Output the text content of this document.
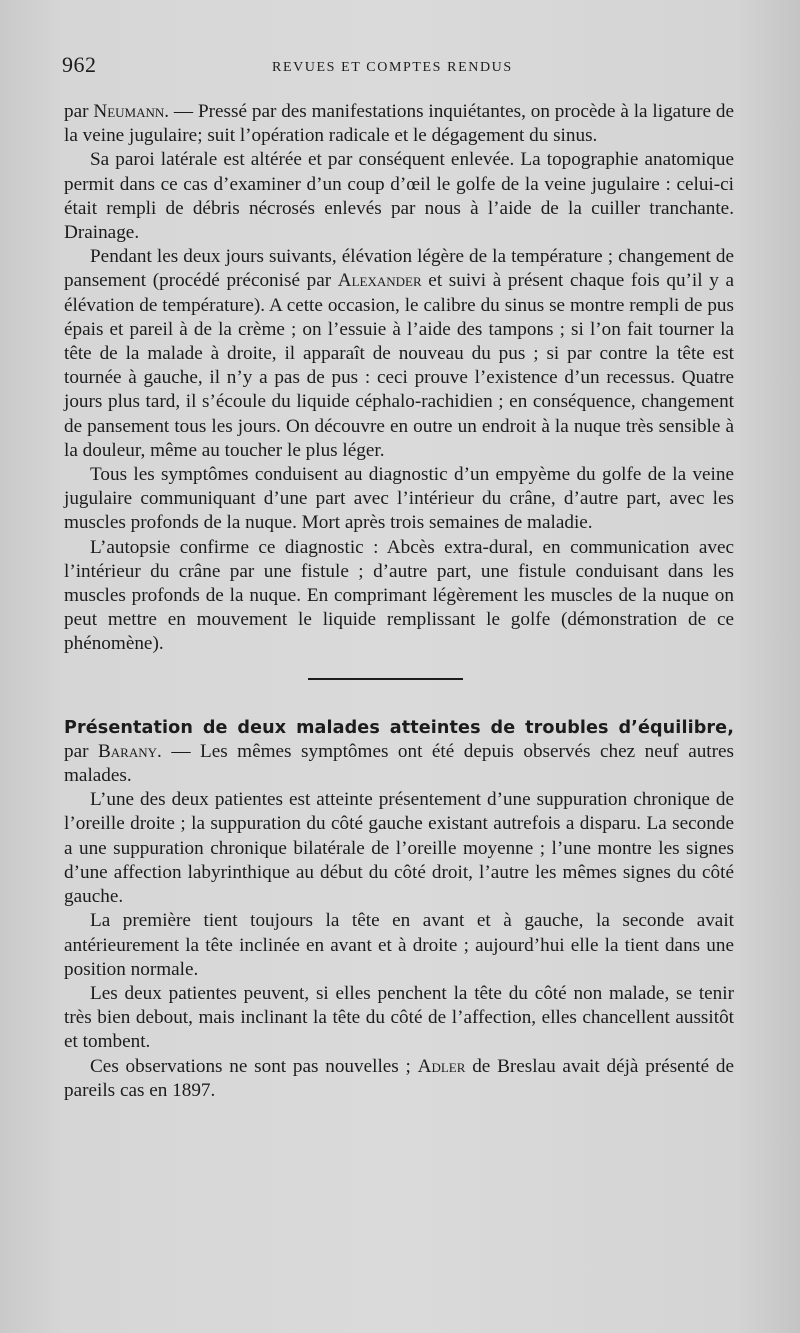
962	REVUES ET COMPTES RENDUS

par Neumann. — Pressé par des manifestations inquiétantes, on procède à la ligature de la veine jugulaire; suit l’opération radicale et le dégagement du sinus.

Sa paroi latérale est altérée et par conséquent enlevée. La topographie anatomique permit dans ce cas d’examiner d’un coup d’œil le golfe de la veine jugulaire : celui-ci était rempli de débris nécrosés enlevés par nous à l’aide de la cuiller tranchante. Drainage.

Pendant les deux jours suivants, élévation légère de la température ; changement de pansement (procédé préconisé par Alexander et suivi à présent chaque fois qu’il y a élévation de température). A cette occasion, le calibre du sinus se montre rempli de pus épais et pareil à de la crème ; on l’essuie à l’aide des tampons ; si l’on fait tourner la tête de la malade à droite, il apparaît de nouveau du pus ; si par contre la tête est tournée à gauche, il n’y a pas de pus : ceci prouve l’existence d’un recessus. Quatre jours plus tard, il s’écoule du liquide céphalo-rachidien ; en conséquence, changement de pansement tous les jours. On découvre en outre un endroit à la nuque très sensible à la douleur, même au toucher le plus léger.

Tous les symptômes conduisent au diagnostic d’un empyème du golfe de la veine jugulaire communiquant d’une part avec l’intérieur du crâne, d’autre part, avec les muscles profonds de la nuque. Mort après trois semaines de maladie.

L’autopsie confirme ce diagnostic : Abcès extra-dural, en communication avec l’intérieur du crâne par une fistule ; d’autre part, une fistule conduisant dans les muscles profonds de la nuque. En comprimant légèrement les muscles de la nuque on peut mettre en mouvement le liquide remplissant le golfe (démonstration de ce phénomène).

Présentation de deux malades atteintes de troubles d’équilibre, par Barany. — Les mêmes symptômes ont été depuis observés chez neuf autres malades.

L’une des deux patientes est atteinte présentement d’une suppuration chronique de l’oreille droite ; la suppuration du côté gauche existant autrefois a disparu. La seconde a une suppuration chronique bilatérale de l’oreille moyenne ; l’une montre les signes d’une affection labyrinthique au début du côté droit, l’autre les mêmes signes du côté gauche.

La première tient toujours la tête en avant et à gauche, la seconde avait antérieurement la tête inclinée en avant et à droite ; aujourd’hui elle la tient dans une position normale.

Les deux patientes peuvent, si elles penchent la tête du côté non malade, se tenir très bien debout, mais inclinant la tête du côté de l’affection, elles chancellent aussitôt et tombent.

Ces observations ne sont pas nouvelles ; Adler de Breslau avait déjà présenté de pareils cas en 1897.
